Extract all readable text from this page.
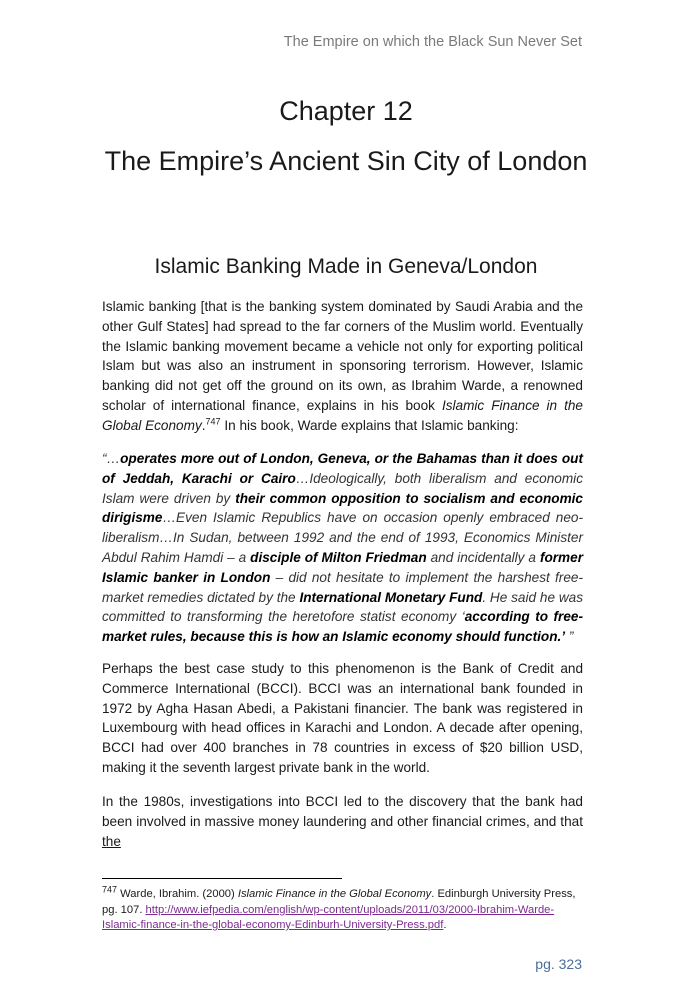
The Empire on which the Black Sun Never Set
Chapter 12
The Empire’s Ancient Sin City of London
Islamic Banking Made in Geneva/London
Islamic banking [that is the banking system dominated by Saudi Arabia and the other Gulf States] had spread to the far corners of the Muslim world. Eventually the Islamic banking movement became a vehicle not only for exporting political Islam but was also an instrument in sponsoring terrorism. However, Islamic banking did not get off the ground on its own, as Ibrahim Warde, a renowned scholar of international finance, explains in his book Islamic Finance in the Global Economy.$^{747}$ In his book, Warde explains that Islamic banking:
“…operates more out of London, Geneva, or the Bahamas than it does out of Jeddah, Karachi or Cairo…Ideologically, both liberalism and economic Islam were driven by their common opposition to socialism and economic dirigisme…Even Islamic Republics have on occasion openly embraced neo-liberalism…In Sudan, between 1992 and the end of 1993, Economics Minister Abdul Rahim Hamdi – a disciple of Milton Friedman and incidentally a former Islamic banker in London – did not hesitate to implement the harshest free-market remedies dictated by the International Monetary Fund. He said he was committed to transforming the heretofore statist economy ‘according to free-market rules, because this is how an Islamic economy should function.’ ”
Perhaps the best case study to this phenomenon is the Bank of Credit and Commerce International (BCCI). BCCI was an international bank founded in 1972 by Agha Hasan Abedi, a Pakistani financier. The bank was registered in Luxembourg with head offices in Karachi and London. A decade after opening, BCCI had over 400 branches in 78 countries in excess of $20 billion USD, making it the seventh largest private bank in the world.
In the 1980s, investigations into BCCI led to the discovery that the bank had been involved in massive money laundering and other financial crimes, and that the
$^{747}$ Warde, Ibrahim. (2000) Islamic Finance in the Global Economy. Edinburgh University Press, pg. 107. http://www.iefpedia.com/english/wp-content/uploads/2011/03/2000-Ibrahim-Warde-Islamic-finance-in-the-global-economy-Edinburh-University-Press.pdf.
pg. 323
